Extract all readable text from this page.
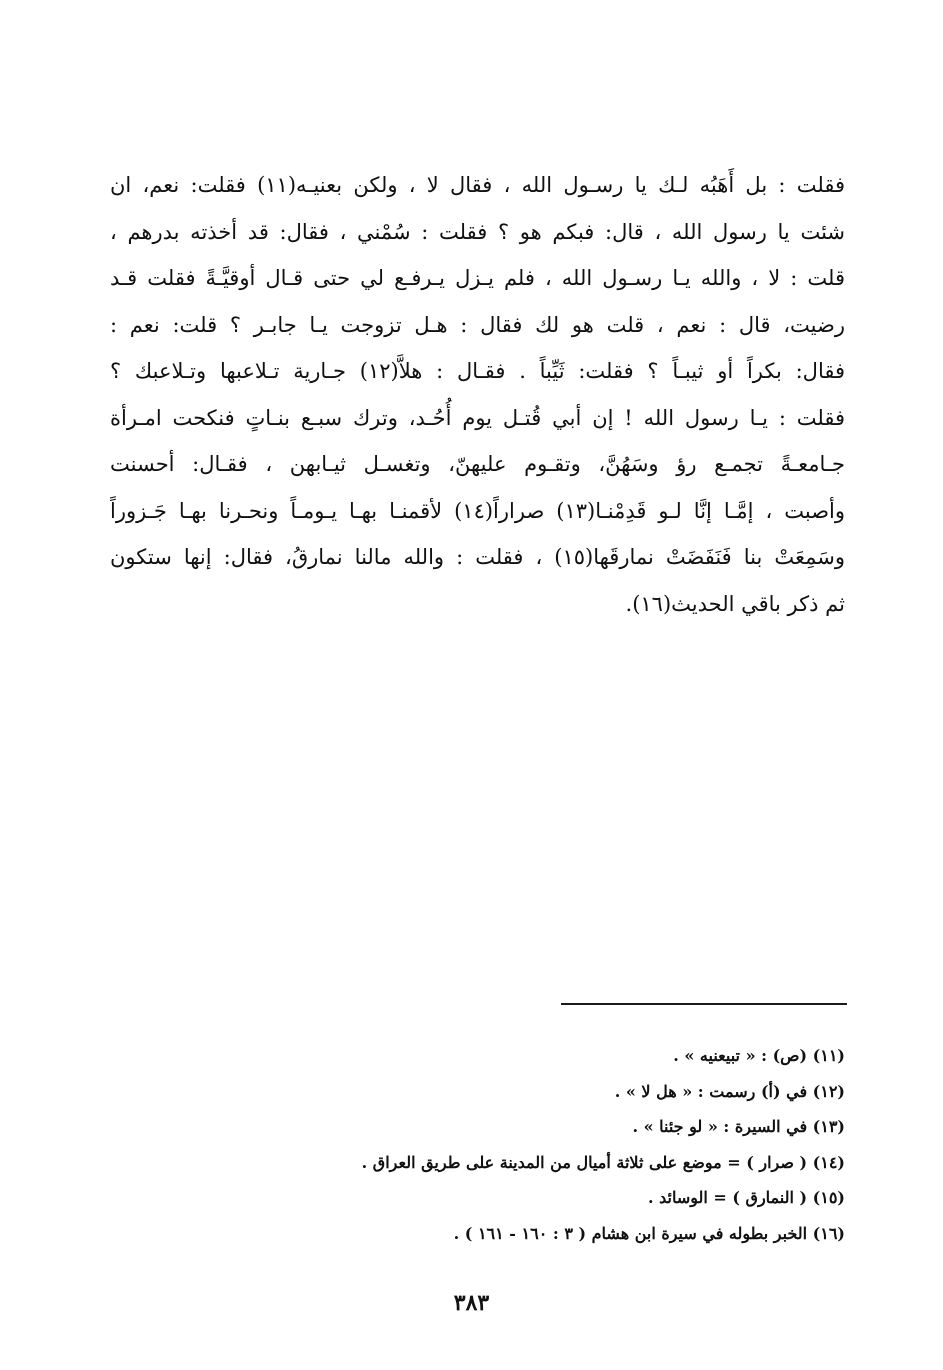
فقلت : بل أَهَبُه لـك يا رسـول الله ، فقال لا ، ولكن بعنيـه(١١) فقلت: نعم، ان
شئت يا رسول الله ، قال: فبكم هو ؟ فقلت : سُمْني ، فقال: قد أخذته بدرهم ،
قلت : لا ، والله يـا رسـول الله ، فلم يـزل يـرفـع لي حتى قـال أوقيَّـةً فقلت قـد
رضيت، قال : نعم ، قلت هو لك فقال : هـل تزوجت يـا جابـر ؟ قلت: نعم :
فقال: بكراً أو ثيبـاً ؟ فقلت: ثَيِّباً . فقـال : هلاَّ(١٢) جـارية تـلاعبها وتـلاعبك ؟
فقلت : يـا رسول الله ! إن أبي قُتـل يوم أُحُـد، وترك سبـع بنـاتٍ فنكحت امـرأة
جـامعـةً تجمـع رؤ وسَهُنَّ، وتقـوم عليهنّ، وتغسـل ثيـابهن ، فقـال: أحسنت
وأصبت ، إمَّـا إنَّا لـو قَدِمْنـا(١٣) صراراً(١٤) لأقمنـا بهـا يـومـاً ونحـرنا بهـا جَـزوراً
وسَمِعَتْ بنا فَنَفَضَتْ نمارقَها(١٥) ، فقلت : والله مالنا نمارقُ، فقال: إنها ستكون
ثم ذكر باقي الحديث(١٦).
(١١) (ص) : « تبيعنيه » .
(١٢) في (أ) رسمت : « هل لا » .
(١٣) في السيرة : « لو جئنا » .
(١٤) ( صرار ) = موضع على ثلاثة أميال من المدينة على طريق العراق .
(١٥) ( النمارق ) = الوسائد .
(١٦) الخبر بطوله في سيرة ابن هشام ( ٣ : ١٦٠ - ١٦١ ) .
٣٨٣
